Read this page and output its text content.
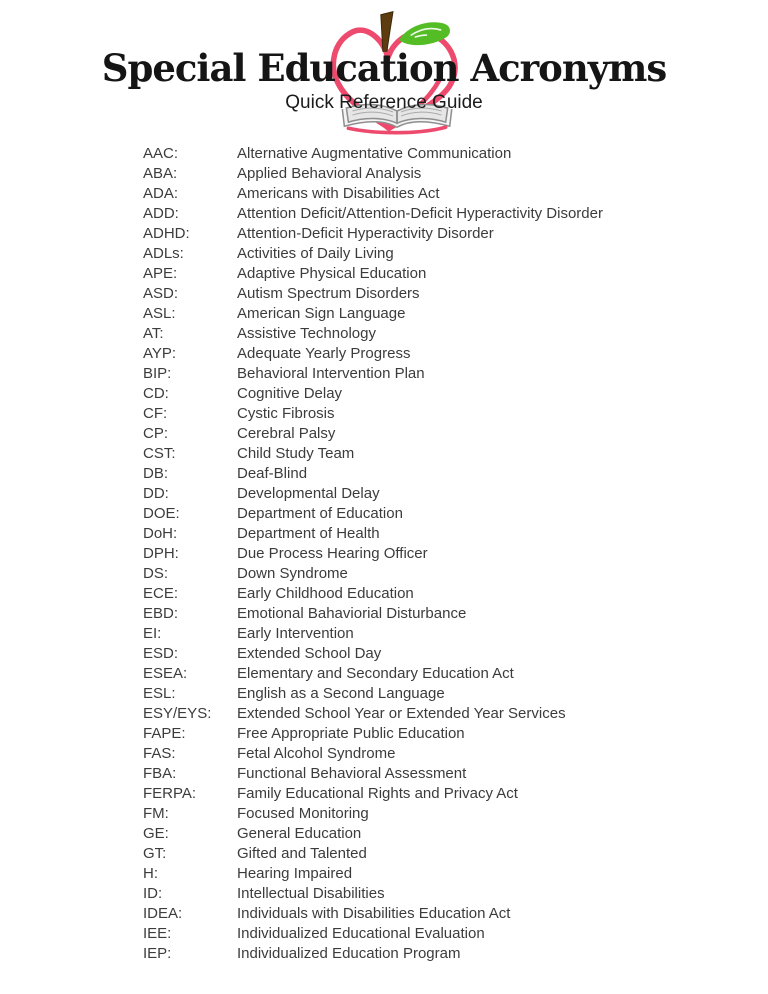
Special Education Acronyms
Quick Reference Guide
AAC:	Alternative Augmentative Communication
ABA:	Applied Behavioral Analysis
ADA:	Americans with Disabilities Act
ADD:	Attention Deficit/Attention-Deficit Hyperactivity Disorder
ADHD:	Attention-Deficit Hyperactivity Disorder
ADLs:	Activities of Daily Living
APE:	Adaptive Physical Education
ASD:	Autism Spectrum Disorders
ASL:	American Sign Language
AT:	Assistive Technology
AYP:	Adequate Yearly Progress
BIP:	Behavioral Intervention Plan
CD:	Cognitive Delay
CF:	Cystic Fibrosis
CP:	Cerebral Palsy
CST:	Child Study Team
DB:	Deaf-Blind
DD:	Developmental Delay
DOE:	Department of Education
DoH:	Department of Health
DPH:	Due Process Hearing Officer
DS:	Down Syndrome
ECE:	Early Childhood Education
EBD:	Emotional Bahaviorial Disturbance
EI:	Early Intervention
ESD:	Extended School Day
ESEA:	Elementary and Secondary Education Act
ESL:	English as a Second Language
ESY/EYS: Extended School Year or Extended Year Services
FAPE:	Free Appropriate Public Education
FAS:	Fetal Alcohol Syndrome
FBA:	Functional Behavioral Assessment
FERPA:	Family Educational Rights and Privacy Act
FM:	Focused Monitoring
GE:	General Education
GT:	Gifted and Talented
H:	Hearing Impaired
ID:	Intellectual Disabilities
IDEA:	Individuals with Disabilities Education Act
IEE:	Individualized Educational Evaluation
IEP:	Individualized Education Program
